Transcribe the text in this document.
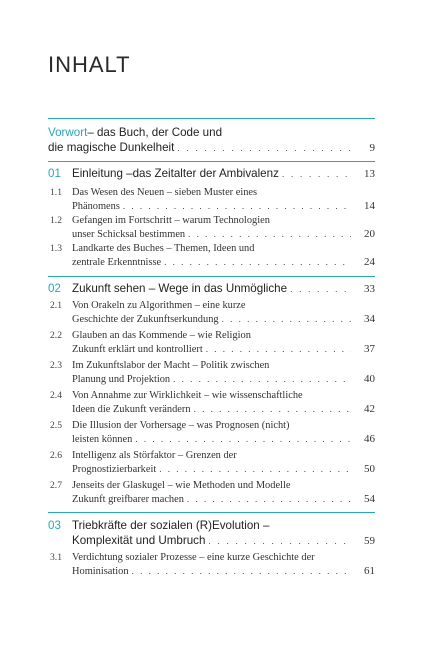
INHALT
Vorwort – das Buch, der Code und
die magische Dunkelheit . . .	9
01 Einleitung –das Zeitalter der Ambivalenz . . .	13
1.1 Das Wesen des Neuen – sieben Muster eines
Phänomens . . .	14
1.2 Gefangen im Fortschritt – warum Technologien
unser Schicksal bestimmen . . .	20
1.3 Landkarte des Buches – Themen, Ideen und
zentrale Erkenntnisse . . .	24
02 Zukunft sehen – Wege in das Unmögliche . . .	33
2.1 Von Orakeln zu Algorithmen – eine kurze
Geschichte der Zukunftserkundung . . .	34
2.2 Glauben an das Kommende – wie Religion
Zukunft erklärt und kontrolliert . . .	37
2.3 Im Zukunftslabor der Macht – Politik zwischen
Planung und Projektion . . .	40
2.4 Von Annahme zur Wirklichkeit – wie wissenschaftliche
Ideen die Zukunft verändern . . .	42
2.5 Die Illusion der Vorhersage – was Prognosen (nicht)
leisten können . . .	46
2.6 Intelligenz als Störfaktor – Grenzen der
Prognostizierbarkeit . . .	50
2.7 Jenseits der Glaskugel – wie Methoden und Modelle
Zukunft greifbarer machen . . .	54
03 Triebkräfte der sozialen (R)Evolution –
Komplexität und Umbruch . . .	59
3.1 Verdichtung sozialer Prozesse – eine kurze Geschichte der
Hominisation . . .	61
